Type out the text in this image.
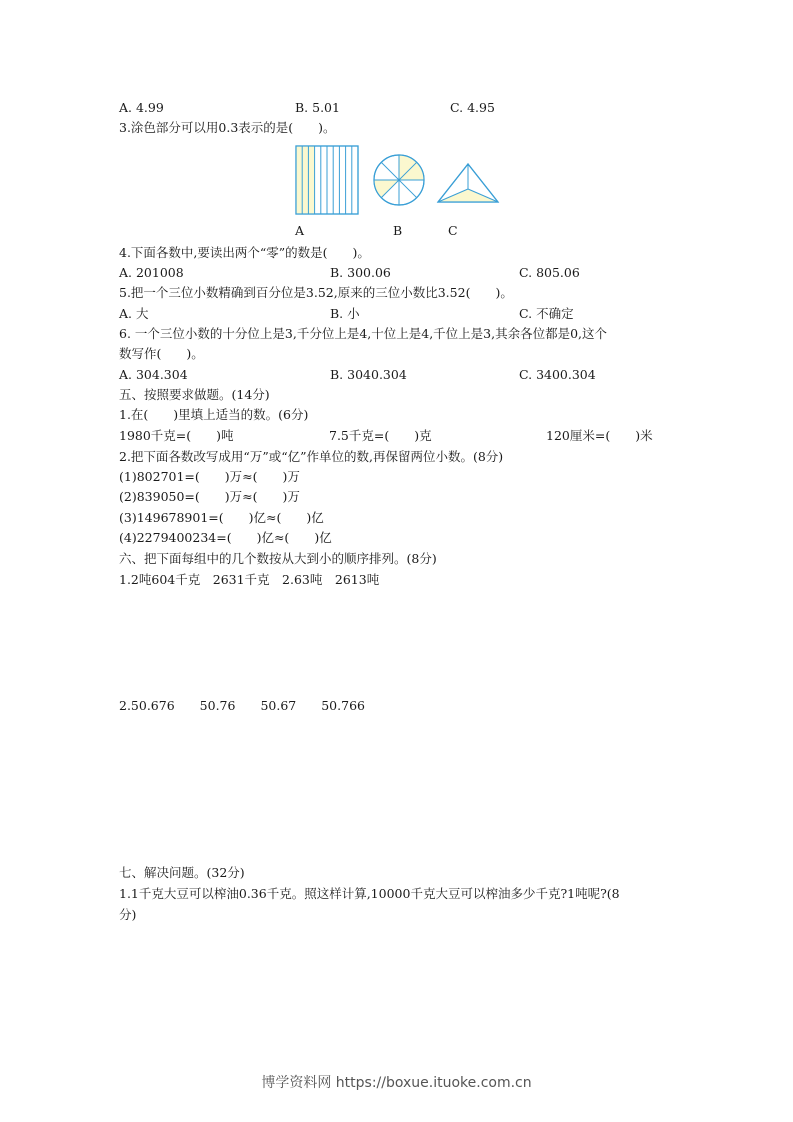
A. 4.99	B. 5.01	C. 4.95
3.涂色部分可以用0.3表示的是(　　)。
A	B	C
4.下面各数中,要读出两个“零”的数是(　　)。
A. 201008	B. 300.06	C. 805.06
5.把一个三位小数精确到百分位是3.52,原来的三位小数比3.52(　　)。
A. 大	B. 小	C. 不确定
6. 一个三位小数的十分位上是3,千分位上是4,十位上是4,千位上是3,其余各位都是0,这个
数写作(　　)。
A. 304.304	B. 3040.304	C. 3400.304
五、按照要求做题。(14分)
1.在(　　)里填上适当的数。(6分)
1980千克=(　　)吨	7.5千克=(　　)克	120厘米=(　　)米
2.把下面各数改写成用“万”或“亿”作单位的数,再保留两位小数。(8分)
(1)802701=(　　)万≈(　　)万
(2)839050=(　　)万≈(　　)万
(3)149678901=(　　)亿≈(　　)亿
(4)2279400234=(　　)亿≈(　　)亿
六、把下面每组中的几个数按从大到小的顺序排列。(8分)
1.2吨604千克　2631千克　2.63吨　2613吨
2.50.676　　50.76　　50.67　　50.766
七、解决问题。(32分)
1.1千克大豆可以榨油0.36千克。照这样计算,10000千克大豆可以榨油多少千克?1吨呢?(8
分)
博学资料网 https://boxue.ituoke.com.cn
